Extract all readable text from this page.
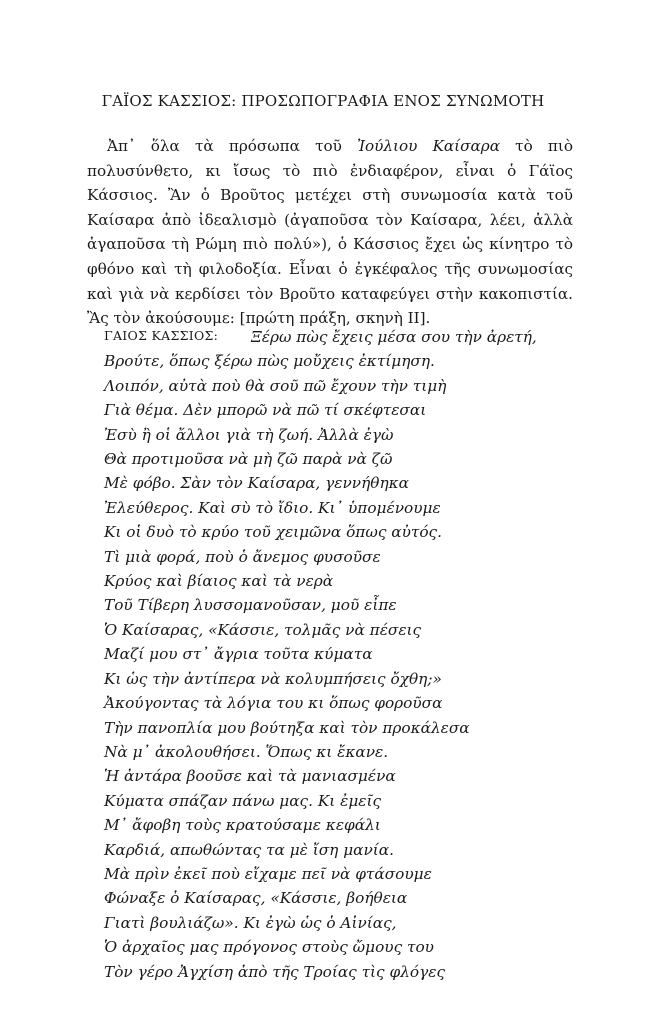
ΓΑΪΟΣ ΚΑΣΣΙΟΣ: ΠΡΟΣΩΠΟΓΡΑΦΙΑ ΕΝΟΣ ΣΥΝΩΜΟΤΗ

Ἀπ᾿ ὅλα τὰ πρόσωπα τοῦ Ἰούλιου Καίσαρα τὸ πιὸ πολυσύνθετο, κι ἴσως τὸ πιὸ ἐνδιαφέρον, εἶναι ὁ Γάϊος Κάσσιος. Ἂν ὁ Βροῦτος μετέχει στὴ συνωμοσία κατὰ τοῦ Καίσαρα ἀπὸ ἰδεαλισμὸ (ἀγαποῦσα τὸν Καίσαρα, λέει, ἀλλὰ ἀγαποῦσα τὴ Ρώμη πιὸ πολύ»), ὁ Κάσσιος ἔχει ὡς κίνητρο τὸ φθόνο καὶ τὴ φιλοδοξία. Εἶναι ὁ ἐγκέφαλος τῆς συνωμοσίας καὶ γιὰ νὰ κερδίσει τὸν Βροῦτο καταφεύγει στὴν κακοπιστία. Ἂς τὸν ἀκούσουμε: [πρώτη πράξη, σκηνὴ II].

ΓΑΙΟΣ ΚΑΣΣΙΟΣ:	Ξέρω πὼς ἔχεις μέσα σου τὴν ἀρετή,
Βρούτε, ὅπως ξέρω πὼς μοὔχεις ἐκτίμηση.
Λοιπόν, αὐτὰ ποὺ θὰ σοῦ πῶ ἔχουν τὴν τιμὴ
Γιὰ θέμα. Δὲν μπορῶ νὰ πῶ τί σκέφτεσαι
Ἐσὺ ἢ οἱ ἄλλοι γιὰ τὴ ζωή. Ἀλλὰ ἐγὼ
Θὰ προτιμοῦσα νὰ μὴ ζῶ παρὰ νὰ ζῶ
Μὲ φόβο. Σὰν τὸν Καίσαρα, γεννήθηκα
Ἐλεύθερος. Καὶ σὺ τὸ ἴδιο. Κι᾿ ὑπομένουμε
Κι οἱ δυὸ τὸ κρύο τοῦ χειμῶνα ὅπως αὐτός.
Τὶ μιὰ φορά, ποὺ ὁ ἄνεμος φυσοῦσε
Κρύος καὶ βίαιος καὶ τὰ νερὰ
Τοῦ Τίβερη λυσσομανοῦσαν, μοῦ εἶπε
Ὁ Καίσαρας, «Κάσσιε, τολμᾶς νὰ πέσεις
Μαζί μου στ᾿ ἄγρια τοῦτα κύματα
Κι ὡς τὴν ἀντίπερα νὰ κολυμπήσεις ὄχθη;»
Ἀκούγοντας τὰ λόγια του κι ὅπως φοροῦσα
Τὴν πανοπλία μου βούτηξα καὶ τὸν προκάλεσα
Νὰ μ᾿ ἀκολουθήσει. Ὅπως κι ἔκανε.
Ἡ ἀντάρα βοοῦσε καὶ τὰ μανιασμένα
Κύματα σπάζαν πάνω μας. Κι ἐμεῖς
Μ᾿ ἄφοβη τοὺς κρατούσαμε κεφάλι
Καρδιά, απωθώντας τα μὲ ἴση μανία.
Μὰ πρὶν ἐκεῖ ποὺ εἴχαμε πεῖ νὰ φτάσουμε
Φώναξε ὁ Καίσαρας, «Κάσσιε, βοήθεια
Γιατὶ βουλιάζω». Κι ἐγὼ ὡς ὁ Αἰνίας,
Ὁ ἀρχαῖος μας πρόγονος στοὺς ὤμους του
Τὸν γέρο Ἀγχίση ἀπὸ τῆς Τροίας τὶς φλόγες
